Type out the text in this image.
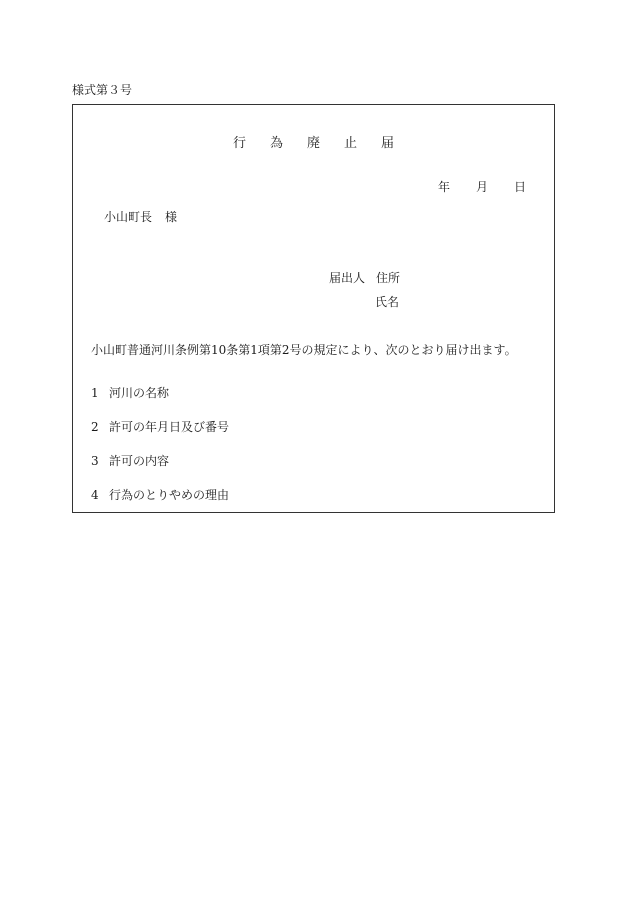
様式第３号
行 為 廃 止 届
年 月 日
小山町長 様
届出人 住所
氏名
小山町普通河川条例第10条第1項第2号の規定により、次のとおり届け出ます。
1 河川の名称
2 許可の年月日及び番号
3 許可の内容
4 行為のとりやめの理由
